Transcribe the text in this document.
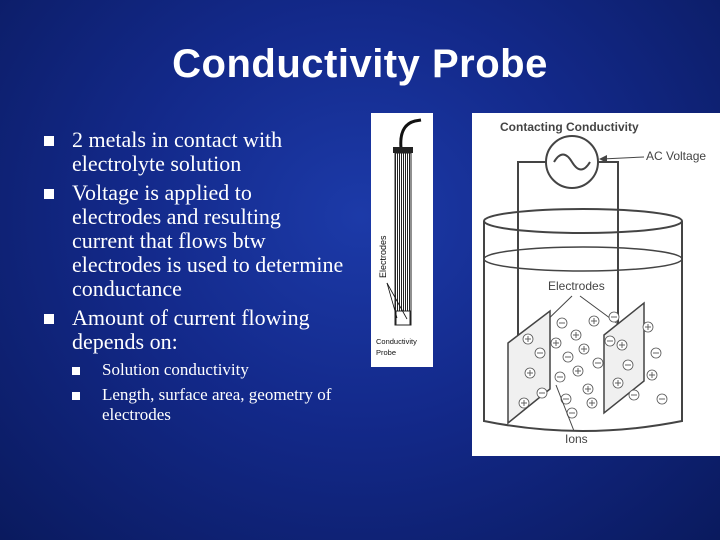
Conductivity Probe
2 metals in contact with electrolyte solution
Voltage is applied to electrodes and resulting current that flows btw electrodes is used to determine conductance
Amount of current flowing depends on:
Solution conductivity
Length, surface area, geometry of electrodes
Electrodes
Conductivity
Probe
Contacting Conductivity
AC Voltage
Electrodes
Ions
